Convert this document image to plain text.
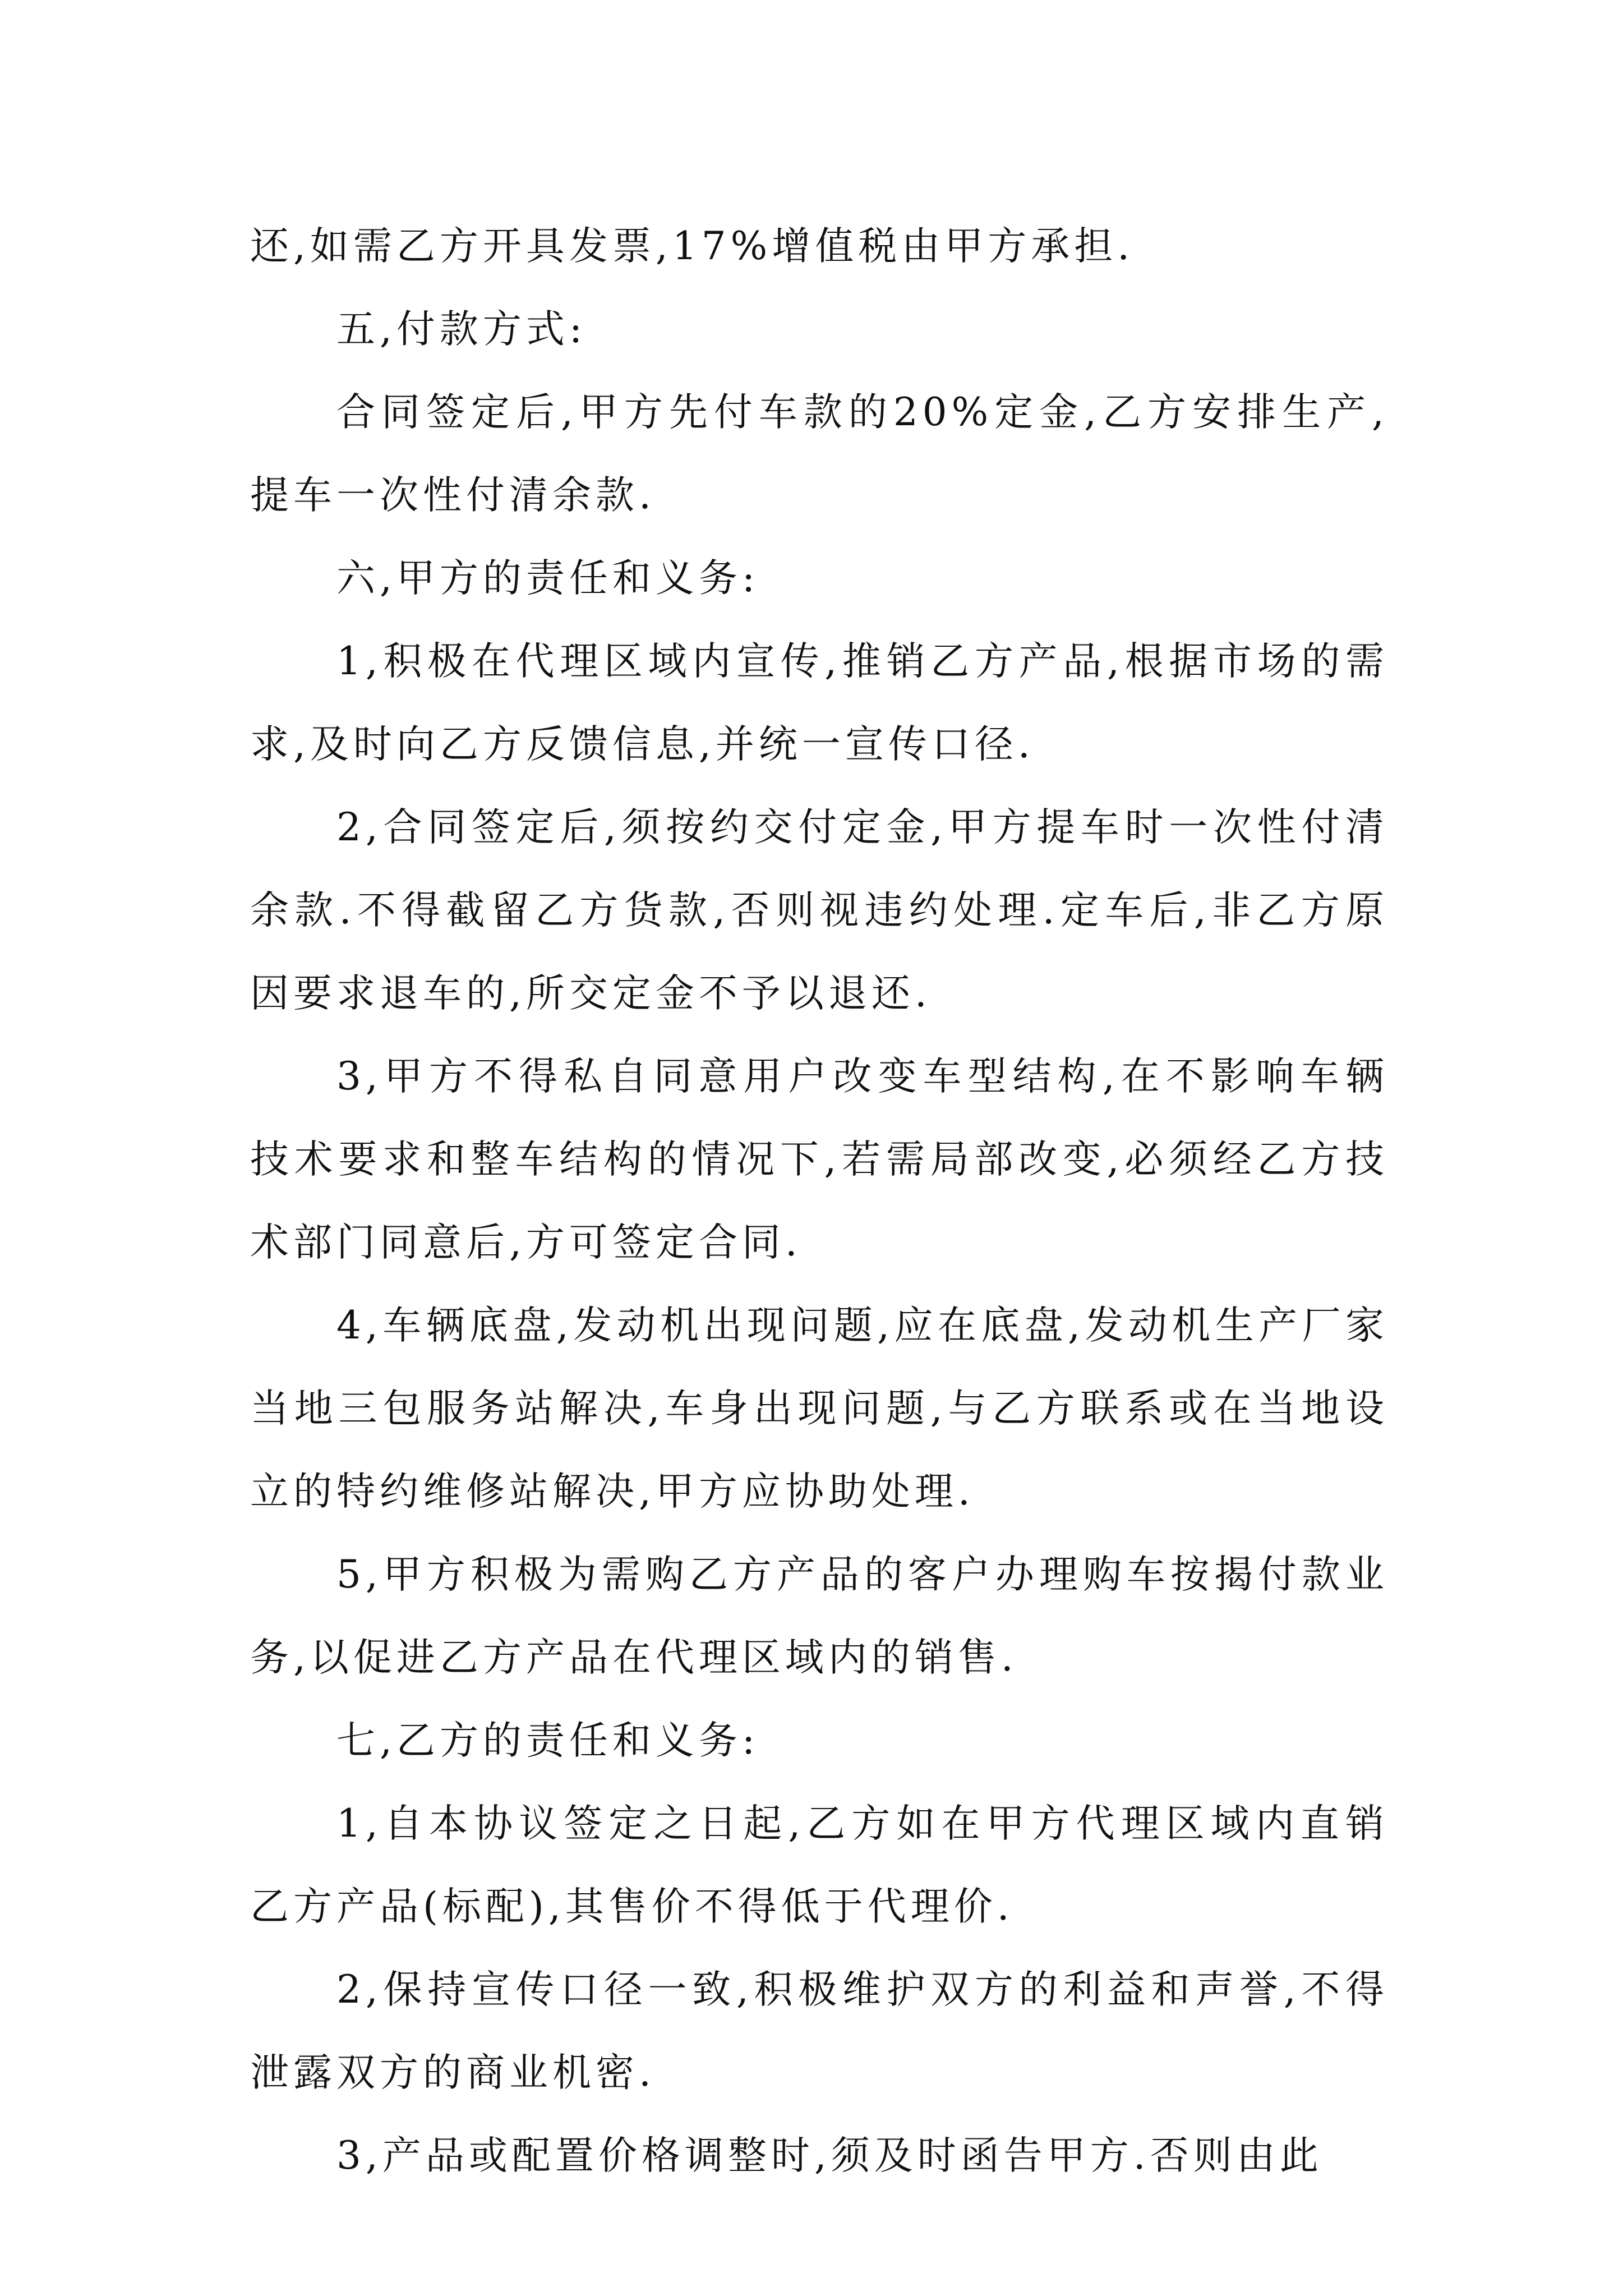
还,如需乙方开具发票,17%增值税由甲方承担.

五,付款方式:

合同签定后,甲方先付车款的20%定金,乙方安排生产,提车一次性付清余款.

六,甲方的责任和义务:

1,积极在代理区域内宣传,推销乙方产品,根据市场的需求,及时向乙方反馈信息,并统一宣传口径.

2,合同签定后,须按约交付定金,甲方提车时一次性付清余款.不得截留乙方货款,否则视违约处理.定车后,非乙方原因要求退车的,所交定金不予以退还.

3,甲方不得私自同意用户改变车型结构,在不影响车辆技术要求和整车结构的情况下,若需局部改变,必须经乙方技术部门同意后,方可签定合同.

4,车辆底盘,发动机出现问题,应在底盘,发动机生产厂家当地三包服务站解决,车身出现问题,与乙方联系或在当地设立的特约维修站解决,甲方应协助处理.

5,甲方积极为需购乙方产品的客户办理购车按揭付款业务,以促进乙方产品在代理区域内的销售.

七,乙方的责任和义务:

1,自本协议签定之日起,乙方如在甲方代理区域内直销乙方产品(标配),其售价不得低于代理价.

2,保持宣传口径一致,积极维护双方的利益和声誉,不得泄露双方的商业机密.

3,产品或配置价格调整时,须及时函告甲方.否则由此
